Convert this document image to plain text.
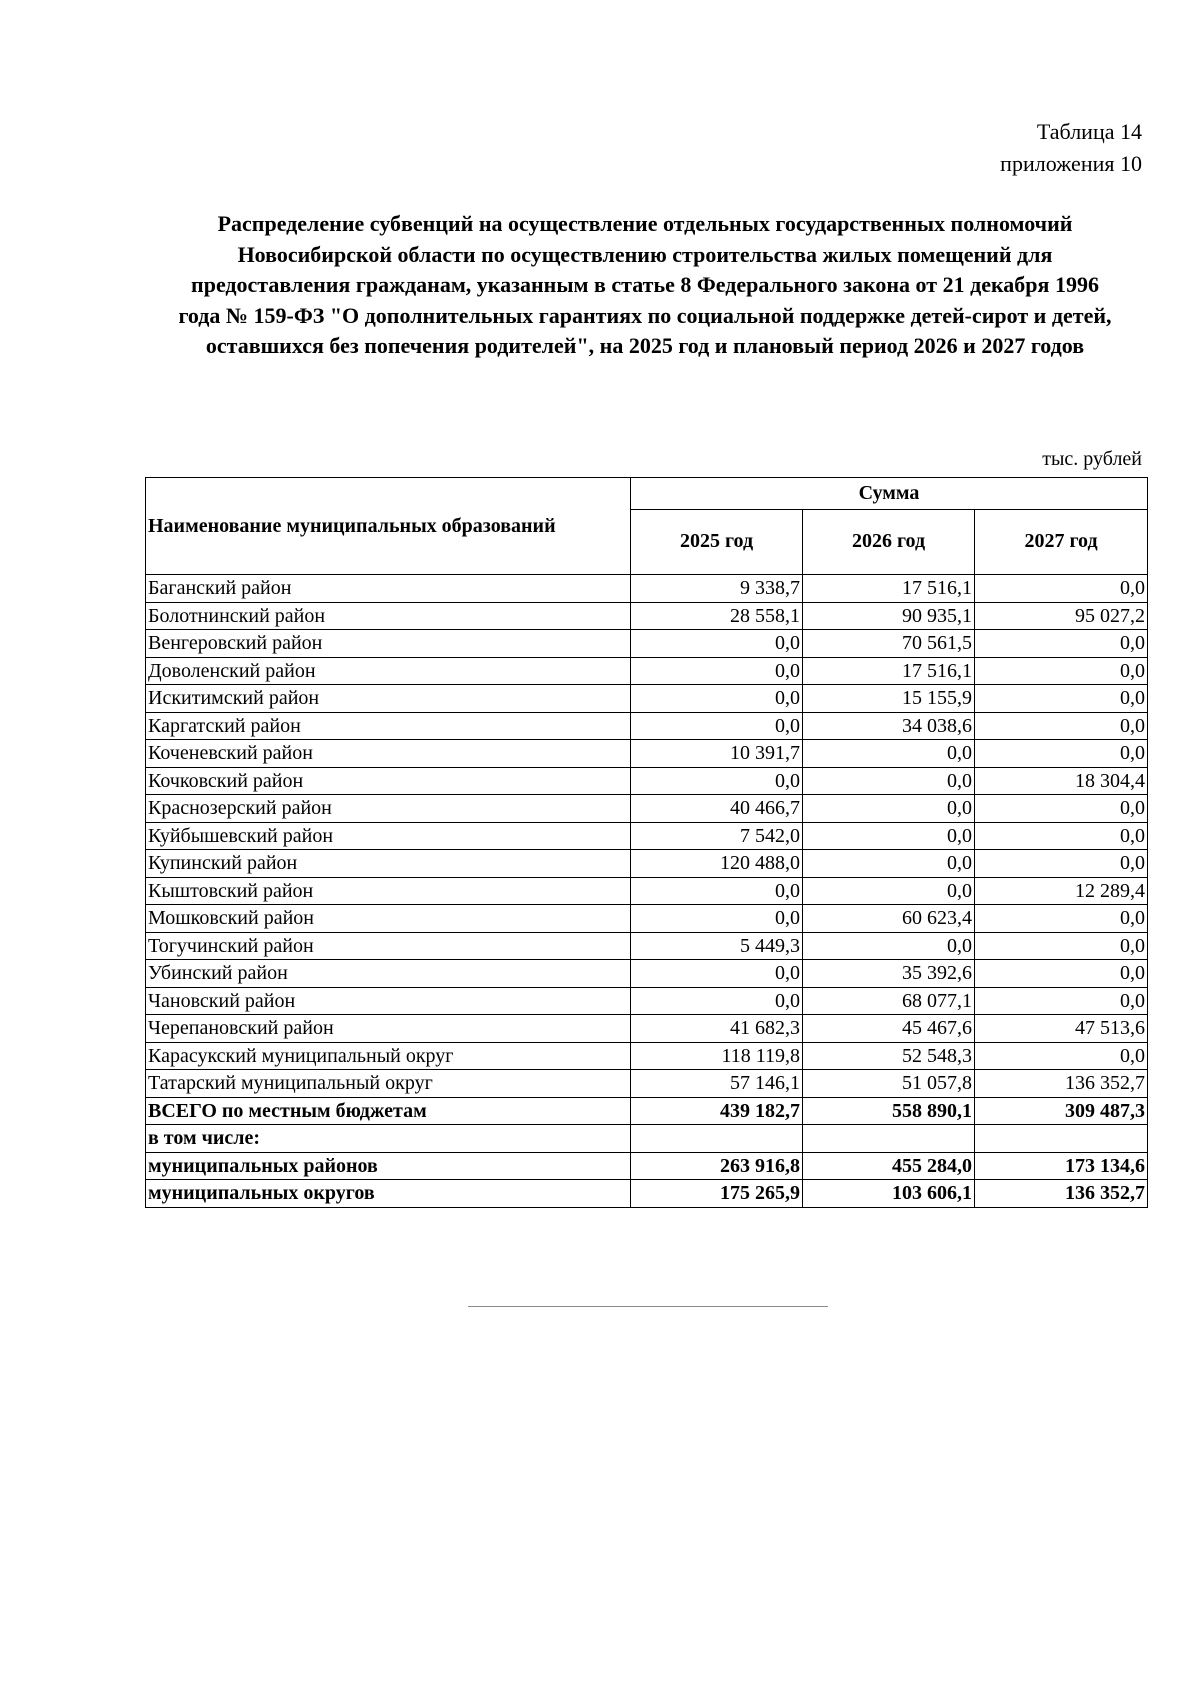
Таблица 14
приложения 10
Распределение субвенций на осуществление отдельных государственных полномочий
Новосибирской области по осуществлению строительства жилых помещений для
предоставления гражданам, указанным в статье 8 Федерального закона от 21 декабря 1996
года № 159-ФЗ "О дополнительных гарантиях по социальной поддержке детей-сирот и детей,
оставшихся без попечения родителей", на 2025 год и плановый период 2026 и 2027 годов
тыс. рублей
Наименование муниципальных образований	Сумма		
	2025 год	2026 год	2027 год
Баганский район	9 338,7	17 516,1	0,0
Болотнинский район	28 558,1	90 935,1	95 027,2
Венгеровский район	0,0	70 561,5	0,0
Доволенский район	0,0	17 516,1	0,0
Искитимский район	0,0	15 155,9	0,0
Каргатский район	0,0	34 038,6	0,0
Коченевский район	10 391,7	0,0	0,0
Кочковский район	0,0	0,0	18 304,4
Краснозерский район	40 466,7	0,0	0,0
Куйбышевский район	7 542,0	0,0	0,0
Купинский район	120 488,0	0,0	0,0
Кыштовский район	0,0	0,0	12 289,4
Мошковский район	0,0	60 623,4	0,0
Тогучинский район	5 449,3	0,0	0,0
Убинский район	0,0	35 392,6	0,0
Чановский район	0,0	68 077,1	0,0
Черепановский район	41 682,3	45 467,6	47 513,6
Карасукский муниципальный округ	118 119,8	52 548,3	0,0
Татарский муниципальный округ	57 146,1	51 057,8	136 352,7
ВСЕГО по местным бюджетам	439 182,7	558 890,1	309 487,3
в том числе:			
муниципальных районов	263 916,8	455 284,0	173 134,6
муниципальных округов	175 265,9	103 606,1	136 352,7
